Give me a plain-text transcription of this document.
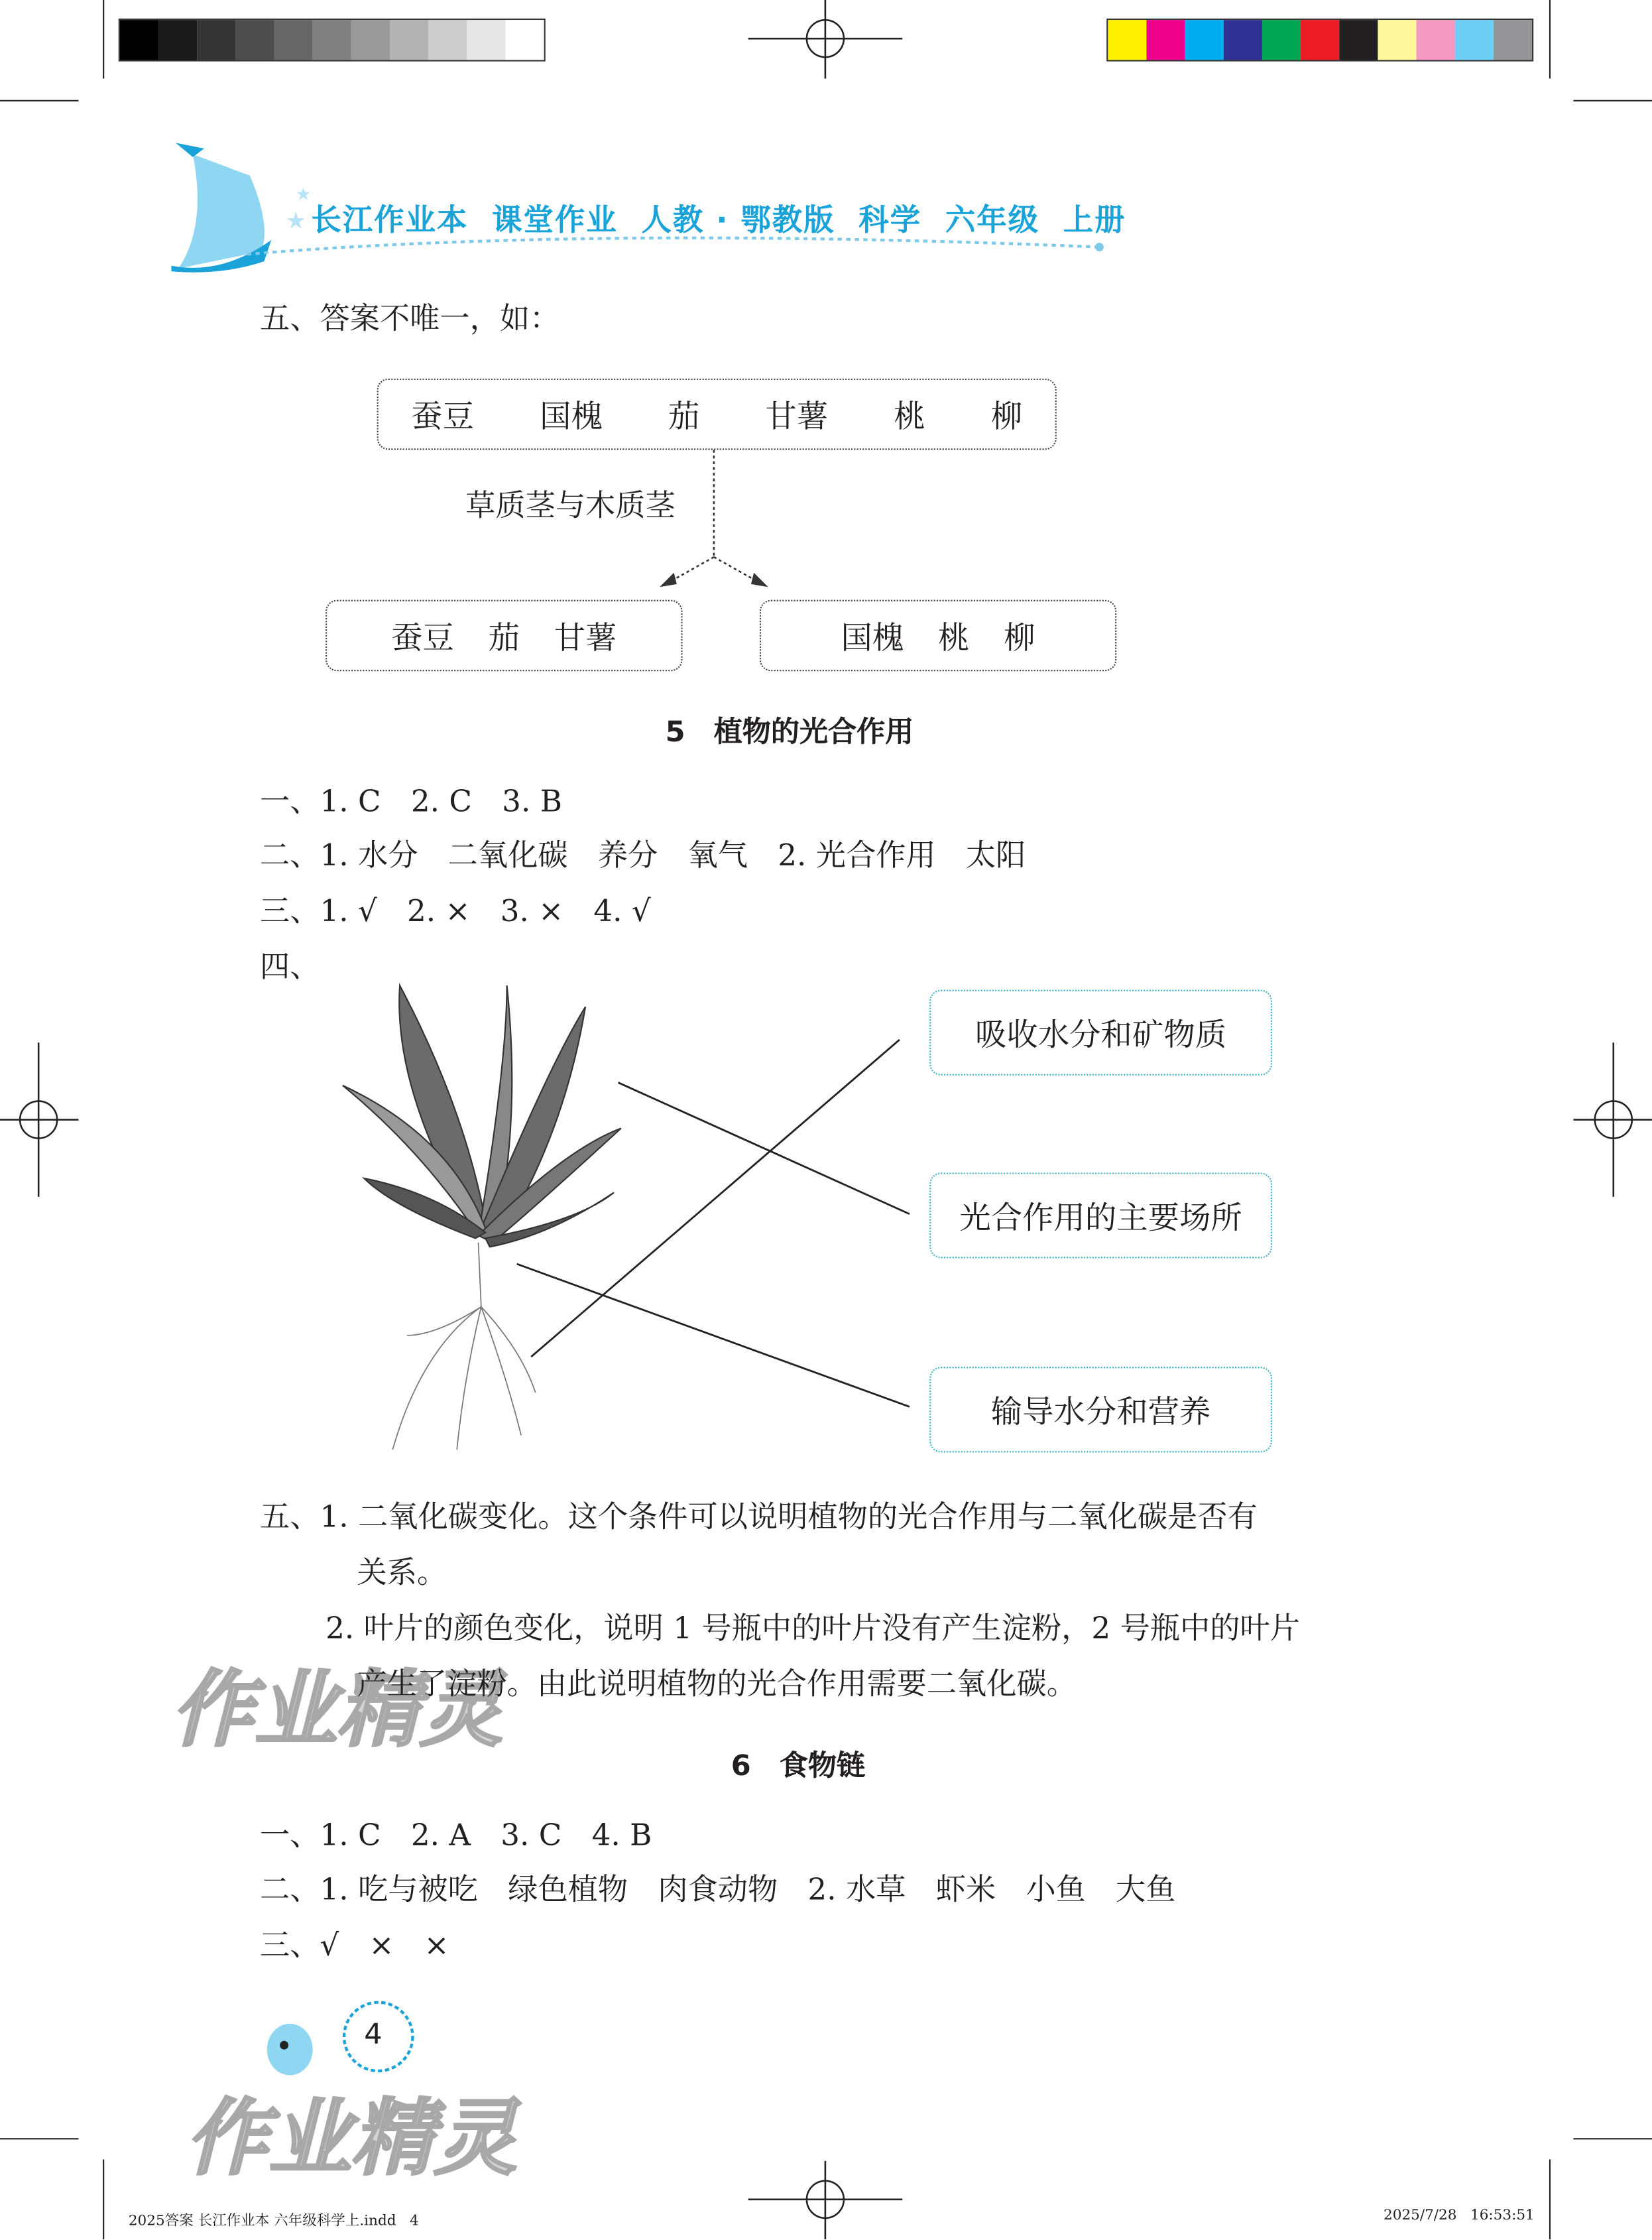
★
★
长江作业本  课堂作业  人教 · 鄂教版  科学  六年级  上册
五、答案不唯一，如：
蚕豆	国槐	茄	甘薯	桃	柳
草质茎与木质茎
蚕豆 茄 甘薯	国槐 桃 柳
5　植物的光合作用
一、1. C　2. C　3. B
二、1. 水分　二氧化碳　养分　氧气　2. 光合作用　太阳
三、1. √　2. ×　3. ×　4. √
四、
吸收水分和矿物质
光合作用的主要场所
输导水分和营养
作业精灵
五、1. 二氧化碳变化。这个条件可以说明植物的光合作用与二氧化碳是否有
关系。
2. 叶片的颜色变化，说明 1 号瓶中的叶片没有产生淀粉，2 号瓶中的叶片
产生了淀粉。由此说明植物的光合作用需要二氧化碳。
6　食物链
一、1. C　2. A　3. C　4. B
二、1. 吃与被吃　绿色植物　肉食动物　2. 水草　虾米　小鱼　大鱼
三、√　×　×
4
作业精灵
2025答案 长江作业本 六年级科学上.indd   4	2025/7/28   16:53:51
